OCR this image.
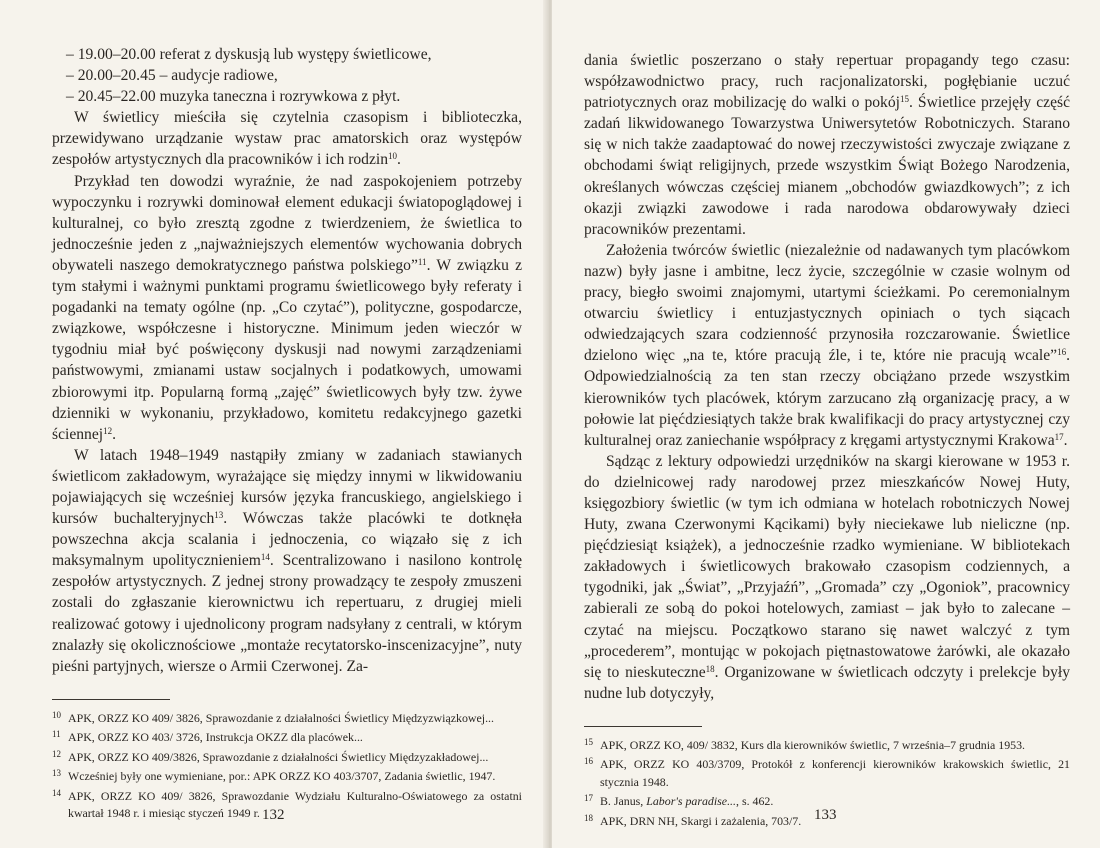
– 19.00–20.00 referat z dyskusją lub występy świetlicowe,

– 20.00–20.45 – audycje radiowe,

– 20.45–22.00 muzyka taneczna i rozrywkowa z płyt.

W świetlicy mieściła się czytelnia czasopism i biblioteczka, przewidywano urządzanie wystaw prac amatorskich oraz występów zespołów artystycznych dla pracowników i ich rodzin$^{10}$.

Przykład ten dowodzi wyraźnie, że nad zaspokojeniem potrzeby wypoczynku i rozrywki dominował element edukacji światopoglądowej i kulturalnej, co było zresztą zgodne z twierdzeniem, że świetlica to jednocześnie jeden z „najważniejszych elementów wychowania dobrych obywateli naszego demokratycznego państwa polskiego”$^{11}$. W związku z tym stałymi i ważnymi punktami programu świetlicowego były referaty i pogadanki na tematy ogólne (np. „Co czytać”), polityczne, gospodarcze, związkowe, współczesne i historyczne. Minimum jeden wieczór w tygodniu miał być poświęcony dyskusji nad nowymi zarządzeniami państwowymi, zmianami ustaw socjalnych i podatkowych, umowami zbiorowymi itp. Popularną formą „zajęć” świetlicowych były tzw. żywe dzienniki w wykonaniu, przykładowo, komitetu redakcyjnego gazetki ściennej$^{12}$.

W latach 1948–1949 nastąpiły zmiany w zadaniach stawianych świetlicom zakładowym, wyrażające się między innymi w likwidowaniu pojawiających się wcześniej kursów języka francuskiego, angielskiego i kursów buchalteryjnych$^{13}$. Wówczas także placówki te dotknęła powszechna akcja scalania i jednoczenia, co wiązało się z ich maksymalnym upolitycznieniem$^{14}$. Scentralizowano i nasilono kontrolę zespołów artystycznych. Z jednej strony prowadzący te zespoły zmuszeni zostali do zgłaszanie kierownictwu ich repertuaru, z drugiej mieli realizować gotowy i ujednolicony program nadsyłany z centrali, w którym znalazły się okolicznościowe „montaże recytatorsko-inscenizacyjne”, nuty pieśni partyjnych, wiersze o Armii Czerwonej. Za-

10 APK, ORZZ KO 409/ 3826, Sprawozdanie z działalności Świetlicy Międzyzwiązkowej...

11 APK, ORZZ KO 403/ 3726, Instrukcja OKZZ dla placówek...

12 APK, ORZZ KO 409/3826, Sprawozdanie z działalności Świetlicy Międzyzakładowej...

13 Wcześniej były one wymieniane, por.: APK ORZZ KO 403/3707, Zadania świetlic, 1947.

14 APK, ORZZ KO 409/ 3826, Sprawozdanie Wydziału Kulturalno-Oświatowego za ostatni kwartał 1948 r. i miesiąc styczeń 1949 r. 132

dania świetlic poszerzano o stały repertuar propagandy tego czasu: współzawodnictwo pracy, ruch racjonalizatorski, pogłębianie uczuć patriotycznych oraz mobilizację do walki o pokój$^{15}$. Świetlice przejęły część zadań likwidowanego Towarzystwa Uniwersytetów Robotniczych. Starano się w nich także zaadaptować do nowej rzeczywistości zwyczaje związane z obchodami świąt religijnych, przede wszystkim Świąt Bożego Narodzenia, określanych wówczas częściej mianem „obchodów gwiazdkowych”; z ich okazji związki zawodowe i rada narodowa obdarowywały dzieci pracowników prezentami.

Założenia twórców świetlic (niezależnie od nadawanych tym placówkom nazw) były jasne i ambitne, lecz życie, szczególnie w czasie wolnym od pracy, biegło swoimi znajomymi, utartymi ścieżkami. Po ceremonialnym otwarciu świetlicy i entuzjastycznych opiniach o tych siącach odwiedzających szara codzienność przynosiła rozczarowanie. Świetlice dzielono więc „na te, które pracują źle, i te, które nie pracują wcale”$^{16}$. Odpowiedzialnością za ten stan rzeczy obciążano przede wszystkim kierowników tych placówek, którym zarzucano złą organizację pracy, a w połowie lat pięćdziesiątych także brak kwalifikacji do pracy artystycznej czy kulturalnej oraz zaniechanie współpracy z kręgami artystycznymi Krakowa$^{17}$.

Sądząc z lektury odpowiedzi urzędników na skargi kierowane w 1953 r. do dzielnicowej rady narodowej przez mieszkańców Nowej Huty, księgozbiory świetlic (w tym ich odmiana w hotelach robotniczych Nowej Huty, zwana Czerwonymi Kącikami) były nieciekawe lub nieliczne (np. pięćdziesiąt książek), a jednocześnie rzadko wymieniane. W bibliotekach zakładowych i świetlicowych brakowało czasopism codziennych, a tygodniki, jak „Świat”, „Przyjaźń”, „Gromada” czy „Ogoniok”, pracownicy zabierali ze sobą do pokoi hotelowych, zamiast – jak było to zalecane – czytać na miejscu. Początkowo starano się nawet walczyć z tym „procederem”, montując w pokojach piętnastowatowe żarówki, ale okazało się to nieskuteczne$^{18}$. Organizowane w świetlicach odczyty i prelekcje były nudne lub dotyczyły,

15 APK, ORZZ KO, 409/ 3832, Kurs dla kierowników świetlic, 7 września–7 grudnia 1953.

16 APK, ORZZ KO 403/3709, Protokół z konferencji kierowników krakowskich świetlic, 21 stycznia 1948.

17 B. Janus, Labor's paradise..., s. 462.

18 APK, DRN NH, Skargi i zażalenia, 703/7. 133
